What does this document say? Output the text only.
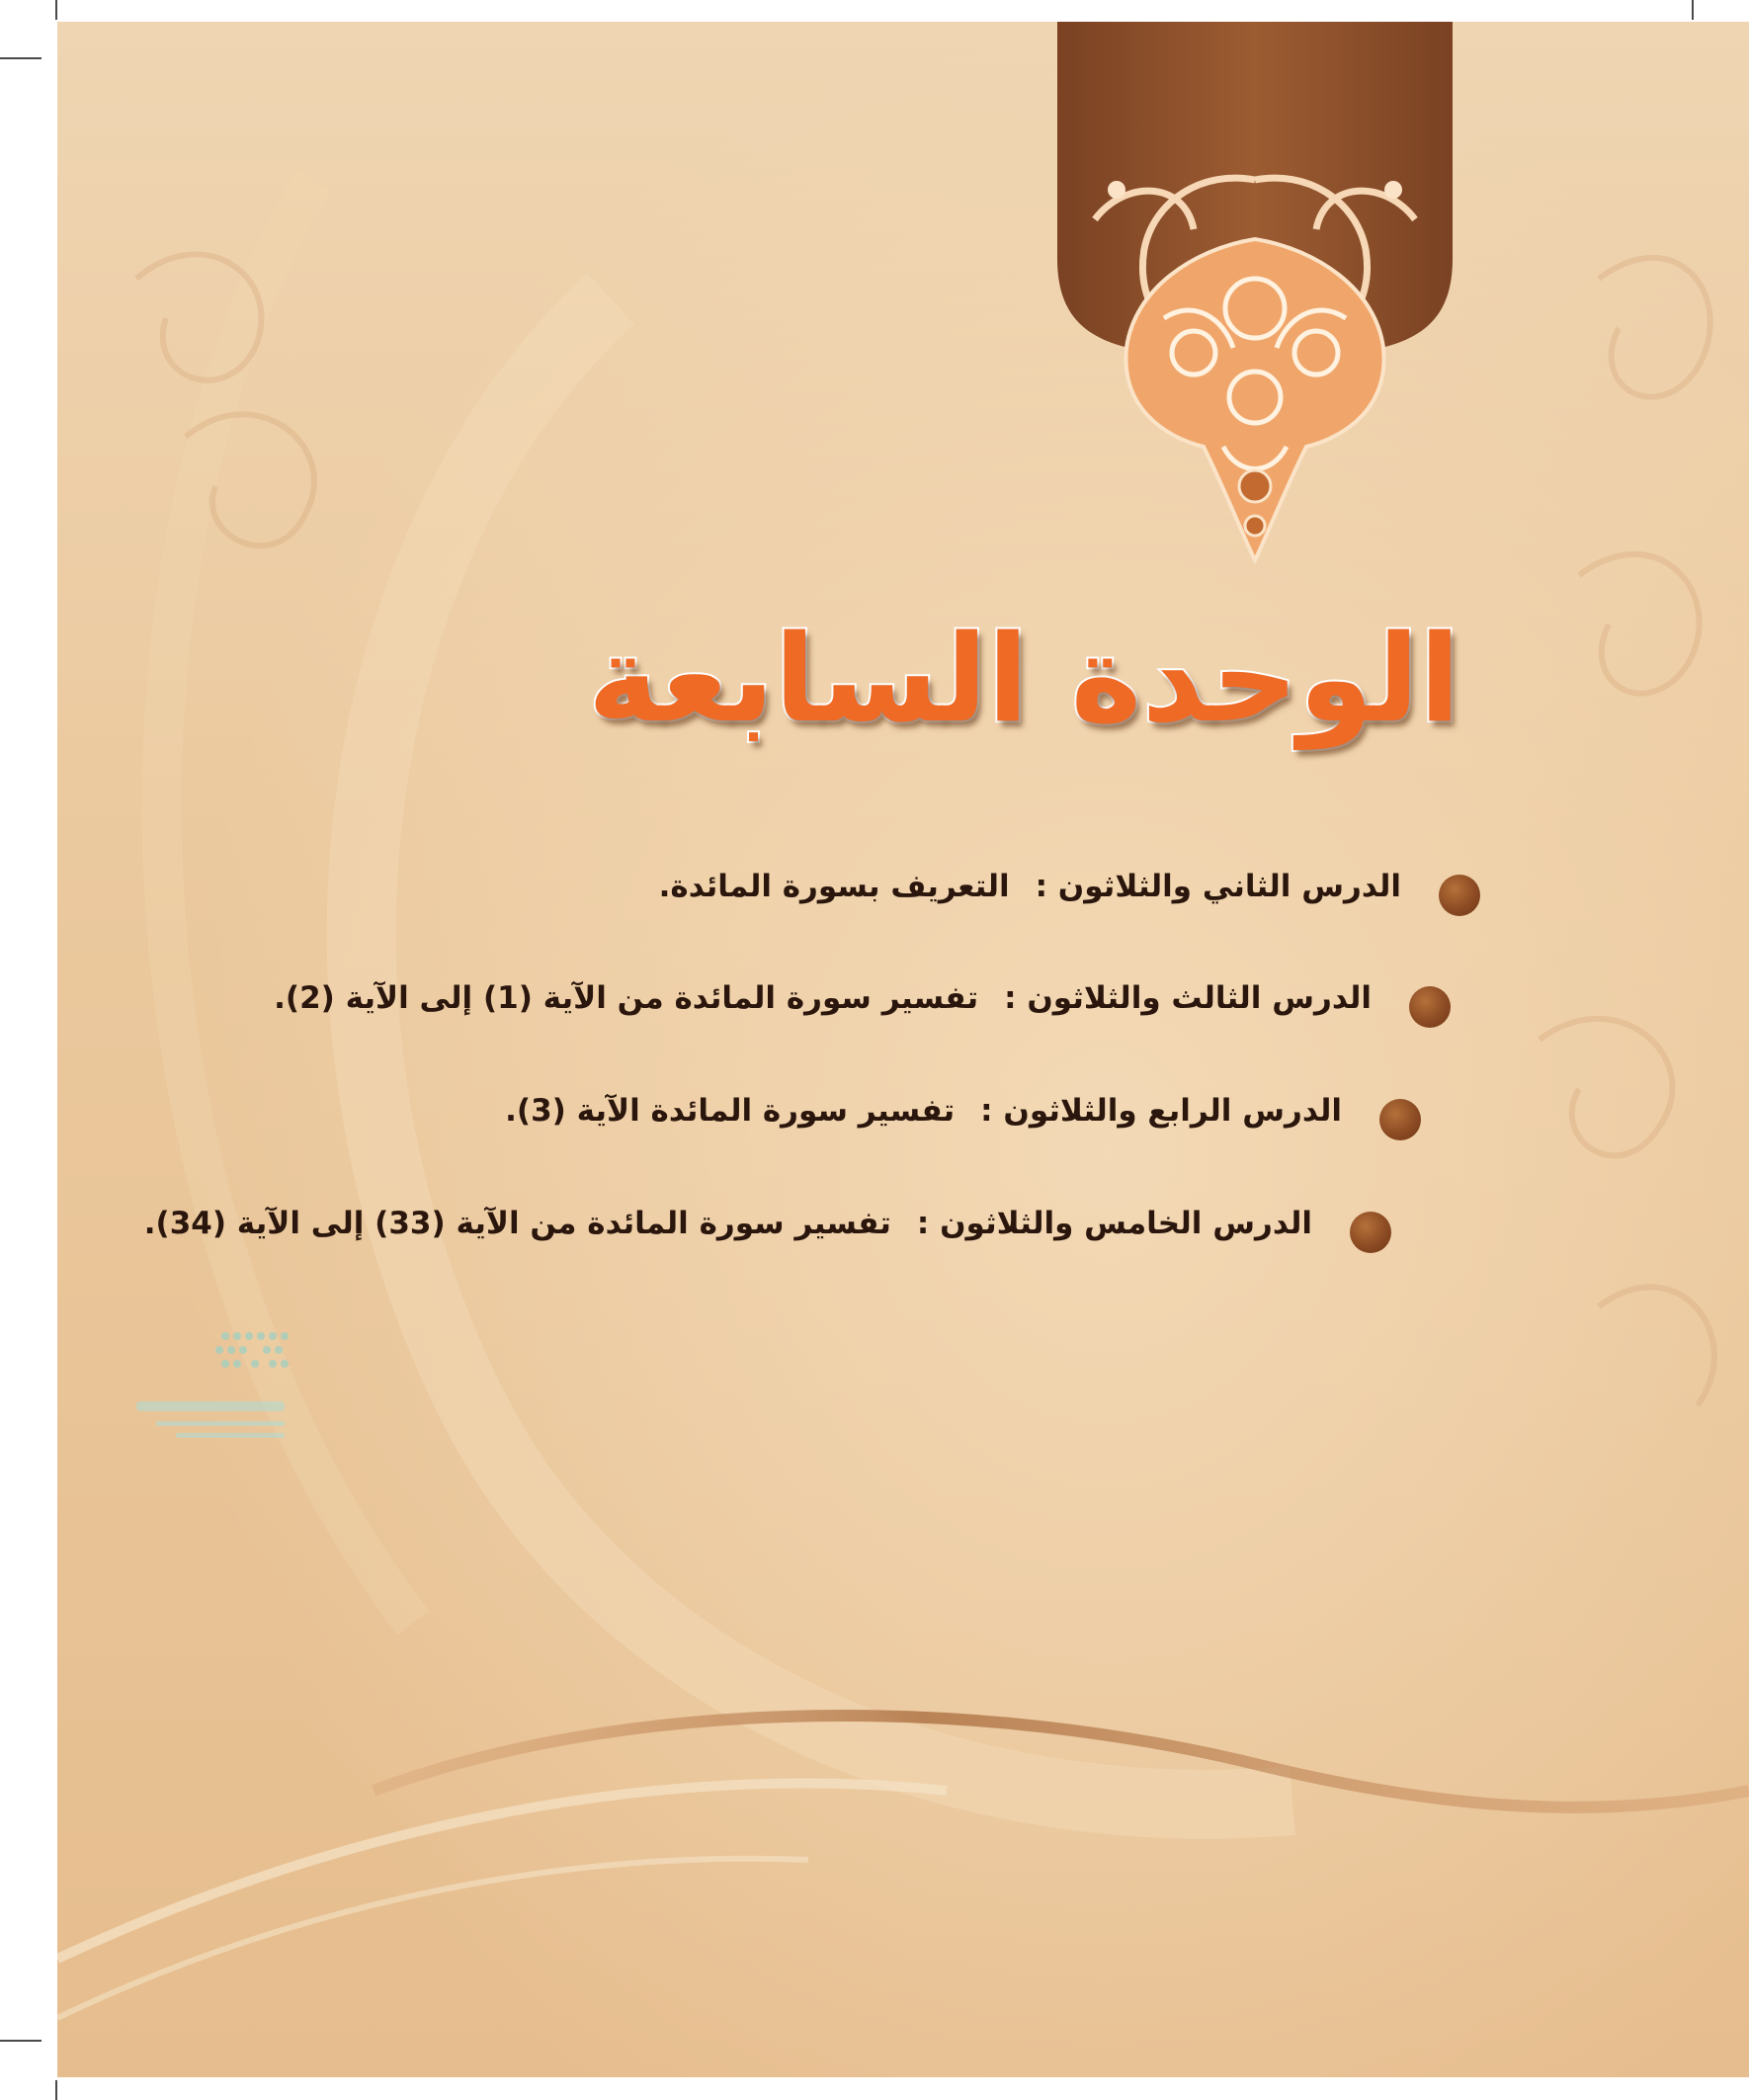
الوحدة السابعة
الدرس الثاني والثلاثون :التعريف بسورة المائدة.
الدرس الثالث والثلاثون :تفسير سورة المائدة من الآية (1) إلى الآية (2).
الدرس الرابع والثلاثون :تفسير سورة المائدة الآية (3).
الدرس الخامس والثلاثون :تفسير سورة المائدة من الآية (33) إلى الآية (34).
